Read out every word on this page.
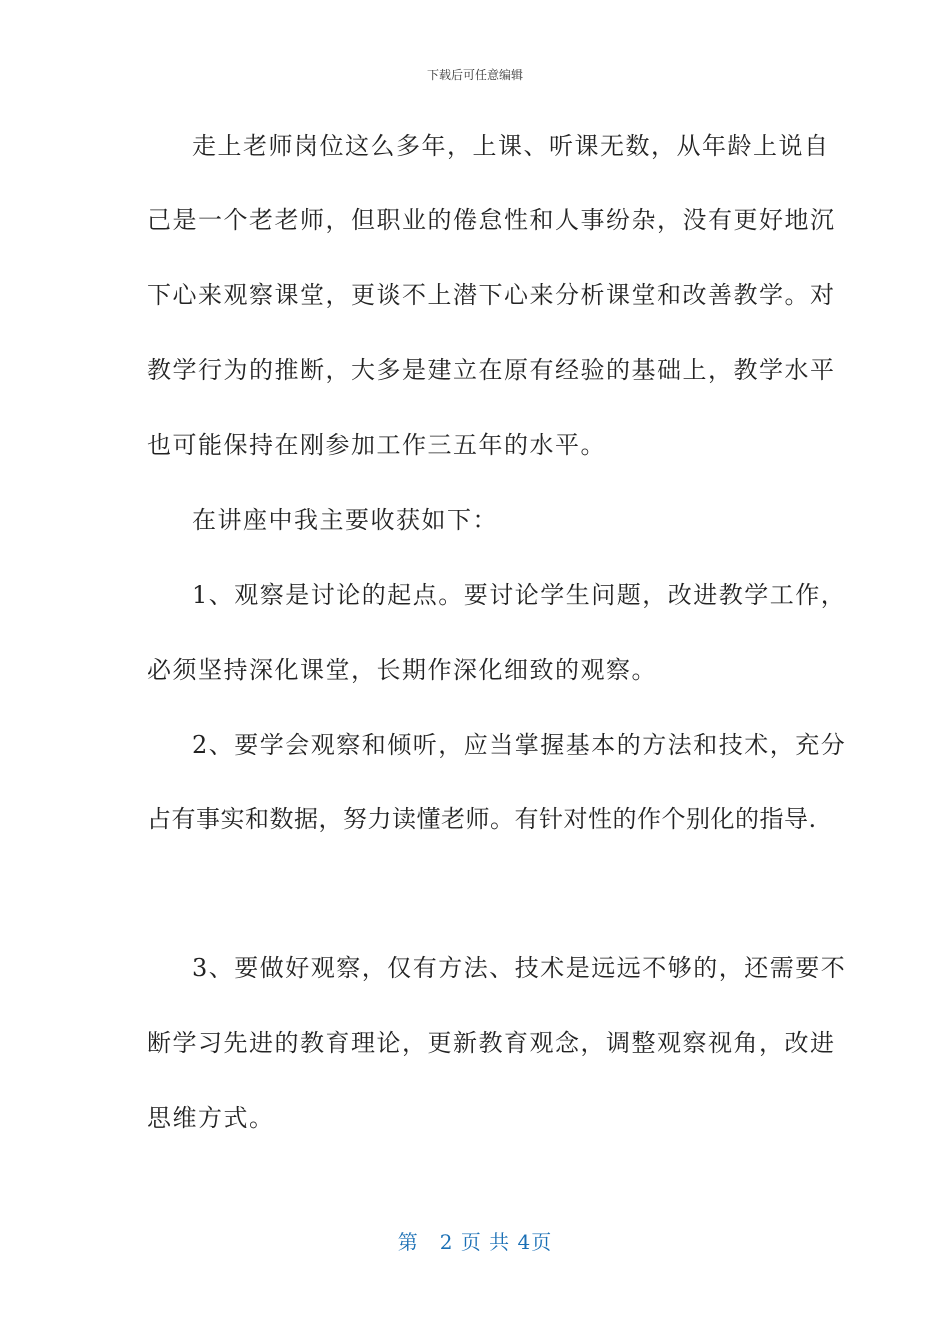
下载后可任意编辑
走上老师岗位这么多年，上课、听课无数，从年龄上说自
己是一个老老师，但职业的倦怠性和人事纷杂，没有更好地沉
下心来观察课堂，更谈不上潜下心来分析课堂和改善教学。对
教学行为的推断，大多是建立在原有经验的基础上，教学水平
也可能保持在刚参加工作三五年的水平。
在讲座中我主要收获如下：
1、观察是讨论的起点。要讨论学生问题，改进教学工作，
必须坚持深化课堂，长期作深化细致的观察。
2、要学会观察和倾听，应当掌握基本的方法和技术，充分
占有事实和数据，努力读懂老师。有针对性的作个别化的指导.
3、要做好观察，仅有方法、技术是远远不够的，还需要不
断学习先进的教育理论，更新教育观念，调整观察视角，改进
思维方式。
第　2 页 共 4页
